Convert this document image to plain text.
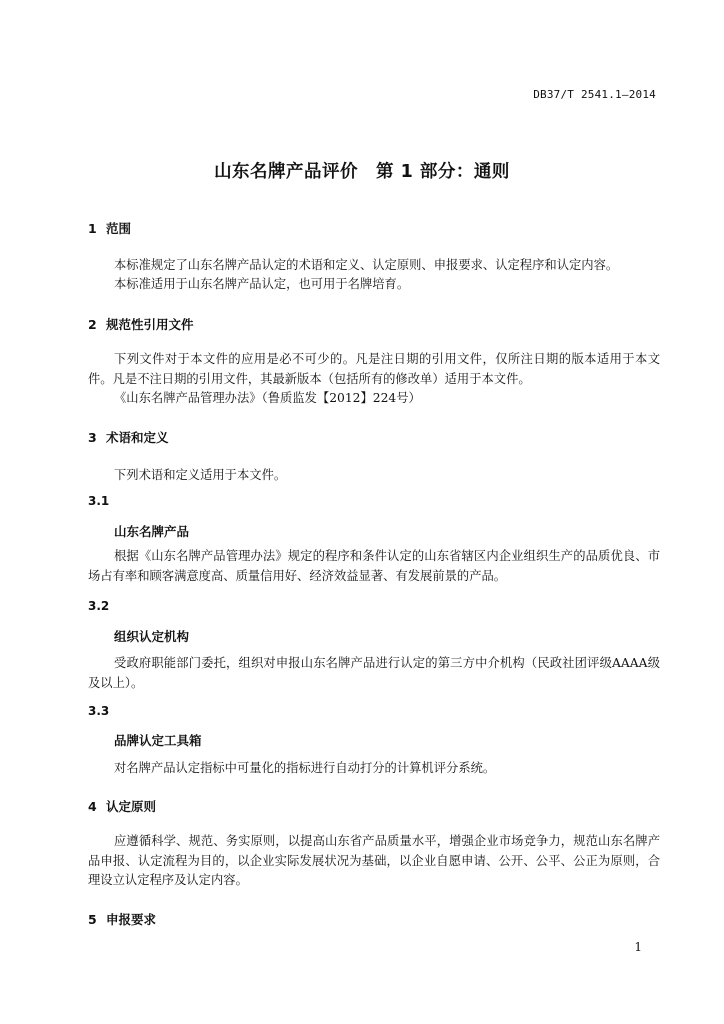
DB37/T 2541.1—2014
山东名牌产品评价　第 1 部分：通则
1 范围
本标准规定了山东名牌产品认定的术语和定义、认定原则、申报要求、认定程序和认定内容。
本标准适用于山东名牌产品认定，也可用于名牌培育。
2 规范性引用文件
下列文件对于本文件的应用是必不可少的。凡是注日期的引用文件，仅所注日期的版本适用于本文件。凡是不注日期的引用文件，其最新版本（包括所有的修改单）适用于本文件。
《山东名牌产品管理办法》（鲁质监发【2012】224号）
3 术语和定义
下列术语和定义适用于本文件。
3.1
山东名牌产品
根据《山东名牌产品管理办法》规定的程序和条件认定的山东省辖区内企业组织生产的品质优良、市场占有率和顾客满意度高、质量信用好、经济效益显著、有发展前景的产品。
3.2
组织认定机构
受政府职能部门委托，组织对申报山东名牌产品进行认定的第三方中介机构（民政社团评级AAAA级及以上）。
3.3
品牌认定工具箱
对名牌产品认定指标中可量化的指标进行自动打分的计算机评分系统。
4 认定原则
应遵循科学、规范、务实原则，以提高山东省产品质量水平，增强企业市场竞争力，规范山东名牌产品申报、认定流程为目的，以企业实际发展状况为基础，以企业自愿申请、公开、公平、公正为原则，合理设立认定程序及认定内容。
5 申报要求
1
